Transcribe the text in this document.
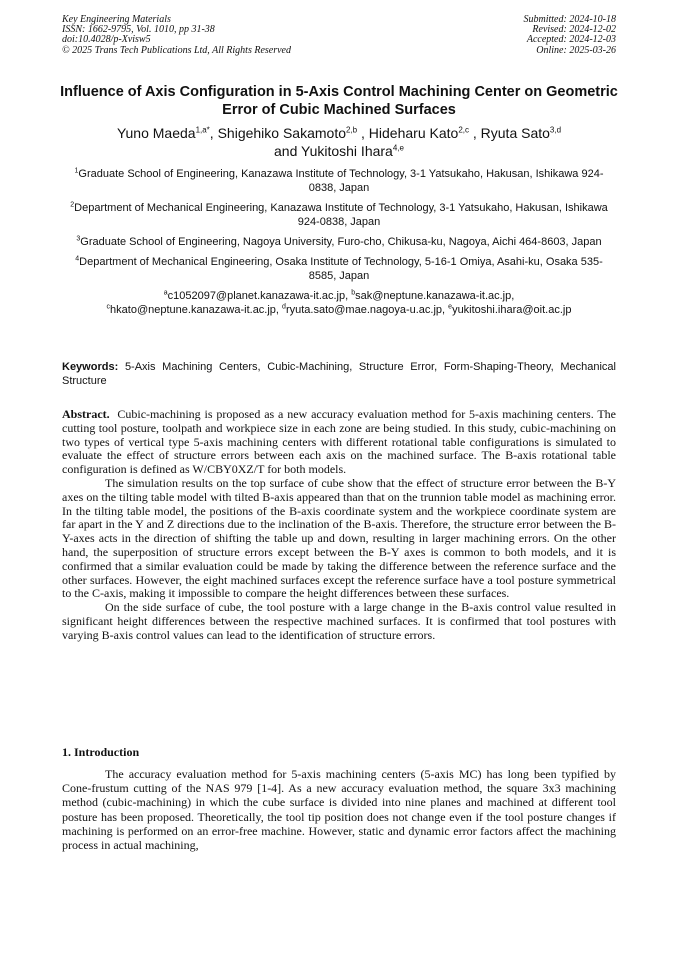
Key Engineering Materials
ISSN: 1662-9795, Vol. 1010, pp 31-38
doi:10.4028/p-Xvisw5
© 2025 Trans Tech Publications Ltd, All Rights Reserved
Submitted: 2024-10-18
Revised: 2024-12-02
Accepted: 2024-12-03
Online: 2025-03-26
Influence of Axis Configuration in 5-Axis Control Machining Center on Geometric Error of Cubic Machined Surfaces
Yuno Maeda$^{1,a*}$, Shigehiko Sakamoto$^{2,b}$ , Hideharu Kato$^{2,c}$ , Ryuta Sato$^{3,d}$
and Yukitoshi Ihara$^{4,e}$
$^1$Graduate School of Engineering, Kanazawa Institute of Technology, 3-1 Yatsukaho, Hakusan, Ishikawa 924-0838, Japan
$^2$Department of Mechanical Engineering, Kanazawa Institute of Technology, 3-1 Yatsukaho, Hakusan, Ishikawa 924-0838, Japan
$^3$Graduate School of Engineering, Nagoya University, Furo-cho, Chikusa-ku, Nagoya, Aichi 464-8603, Japan
$^4$Department of Mechanical Engineering, Osaka Institute of Technology, 5-16-1 Omiya, Asahi-ku, Osaka 535-8585, Japan
$^a$c1052097@planet.kanazawa-it.ac.jp, $^b$sak@neptune.kanazawa-it.ac.jp,
$^c$hkato@neptune.kanazawa-it.ac.jp, $^d$ryuta.sato@mae.nagoya-u.ac.jp, $^e$yukitoshi.ihara@oit.ac.jp
Keywords: 5-Axis Machining Centers, Cubic-Machining, Structure Error, Form-Shaping-Theory, Mechanical Structure

Abstract. Cubic-machining is proposed as a new accuracy evaluation method for 5-axis machining centers. The cutting tool posture, toolpath and workpiece size in each zone are being studied. In this study, cubic-machining on two types of vertical type 5-axis machining centers with different rotational table configurations is simulated to evaluate the effect of structure errors between each axis on the machined surface. The B-axis rotational table configuration is defined as W/CBY0XZ/T for both models.

The simulation results on the top surface of cube show that the effect of structure error between the B-Y axes on the tilting table model with tilted B-axis appeared than that on the trunnion table model as machining error. In the tilting table model, the positions of the B-axis coordinate system and the workpiece coordinate system are far apart in the Y and Z directions due to the inclination of the B-axis. Therefore, the structure error between the B-Y-axes acts in the direction of shifting the table up and down, resulting in larger machining errors. On the other hand, the superposition of structure errors except between the B-Y axes is common to both models, and it is confirmed that a similar evaluation could be made by taking the difference between the reference surface and the other surfaces. However, the eight machined surfaces except the reference surface have a tool posture symmetrical to the C-axis, making it impossible to compare the height differences between these surfaces.

On the side surface of cube, the tool posture with a large change in the B-axis control value resulted in significant height differences between the respective machined surfaces. It is confirmed that tool postures with varying B-axis control values can lead to the identification of structure errors.

1. Introduction

The accuracy evaluation method for 5-axis machining centers (5-axis MC) has long been typified by Cone-frustum cutting of the NAS 979 [1-4]. As a new accuracy evaluation method, the square 3x3 machining method (cubic-machining) in which the cube surface is divided into nine planes and machined at different tool posture has been proposed. Theoretically, the tool tip position does not change even if the tool posture changes if machining is performed on an error-free machine. However, static and dynamic error factors affect the machining process in actual machining,
